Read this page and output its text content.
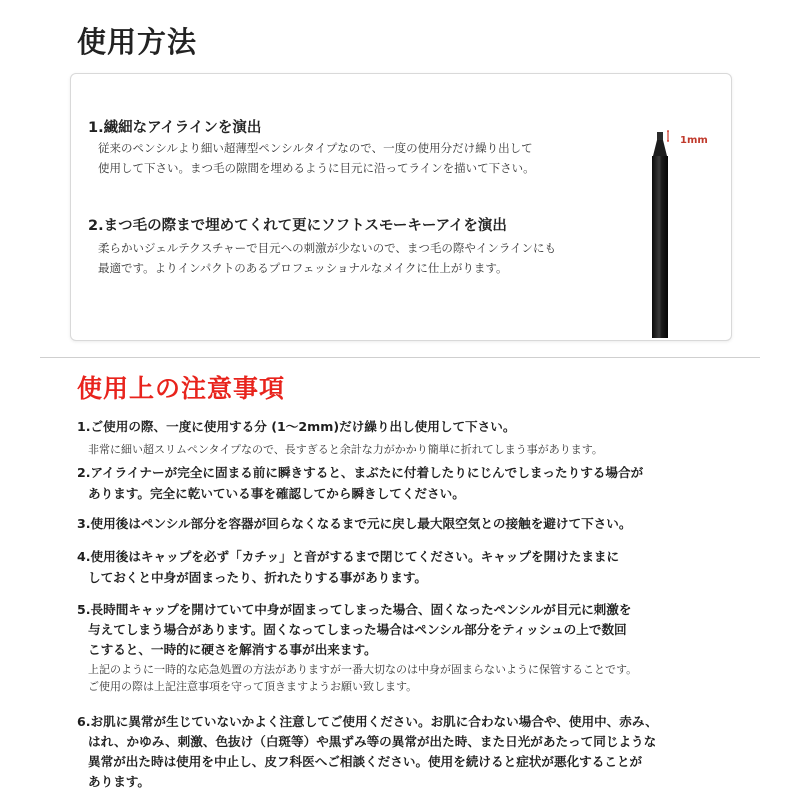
使用方法
1.繊細なアイラインを演出
従来のペンシルより細い超薄型ペンシルタイプなので、一度の使用分だけ繰り出して
使用して下さい。まつ毛の隙間を埋めるように目元に沿ってラインを描いて下さい。
2.まつ毛の際まで埋めてくれて更にソフトスモーキーアイを演出
柔らかいジェルテクスチャーで目元への刺激が少ないので、まつ毛の際やインラインにも
最適です。よりインパクトのあるプロフェッショナルなメイクに仕上がります。
1mm
使用上の注意事項
1.ご使用の際、一度に使用する分 (1～2mm)だけ繰り出し使用して下さい。
非常に細い超スリムペンタイプなので、長すぎると余計な力がかかり簡単に折れてしまう事があります。
2.アイライナーが完全に固まる前に瞬きすると、まぶたに付着したりにじんでしまったりする場合が
あります。完全に乾いている事を確認してから瞬きしてください。
3.使用後はペンシル部分を容器が回らなくなるまで元に戻し最大限空気との接触を避けて下さい。
4.使用後はキャップを必ず「カチッ」と音がするまで閉じてください。キャップを開けたままに
しておくと中身が固まったり、折れたりする事があります。
5.長時間キャップを開けていて中身が固まってしまった場合、固くなったペンシルが目元に刺激を
与えてしまう場合があります。固くなってしまった場合はペンシル部分をティッシュの上で数回
こすると、一時的に硬さを解消する事が出来ます。
上記のように一時的な応急処置の方法がありますが一番大切なのは中身が固まらないように保管することです。
ご使用の際は上記注意事項を守って頂きますようお願い致します。
6.お肌に異常が生じていないかよく注意してご使用ください。お肌に合わない場合や、使用中、赤み、
はれ、かゆみ、刺激、色抜け（白斑等）や黒ずみ等の異常が出た時、また日光があたって同じような
異常が出た時は使用を中止し、皮フ科医へご相談ください。使用を続けると症状が悪化することが
あります。
